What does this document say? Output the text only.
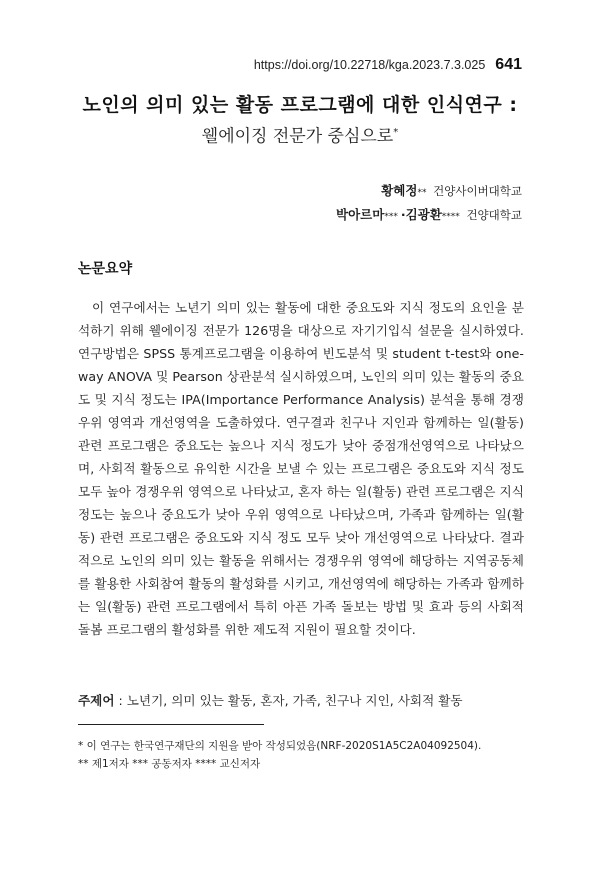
https://doi.org/10.22718/kga.2023.7.3.025 641
노인의 의미 있는 활동 프로그램에 대한 인식연구 :
웰에이징 전문가 중심으로*
황혜정** 건양사이버대학교
박아르마*** ·김광환**** 건양대학교
논문요약
이 연구에서는 노년기 의미 있는 활동에 대한 중요도와 지식 정도의 요인을 분석하기 위해 웰에이징 전문가 126명을 대상으로 자기기입식 설문을 실시하였다. 연구방법은 SPSS 통계프로그램을 이용하여 빈도분석 및 student t-test와 one-way ANOVA 및 Pearson 상관분석 실시하였으며, 노인의 의미 있는 활동의 중요도 및 지식 정도는 IPA(Importance Performance Analysis) 분석을 통해 경쟁우위 영역과 개선영역을 도출하였다. 연구결과 친구나 지인과 함께하는 일(활동) 관련 프로그램은 중요도는 높으나 지식 정도가 낮아 중점개선영역으로 나타났으며, 사회적 활동으로 유익한 시간을 보낼 수 있는 프로그램은 중요도와 지식 정도 모두 높아 경쟁우위 영역으로 나타났고, 혼자 하는 일(활동) 관련 프로그램은 지식 정도는 높으나 중요도가 낮아 우위 영역으로 나타났으며, 가족과 함께하는 일(활동) 관련 프로그램은 중요도와 지식 정도 모두 낮아 개선영역으로 나타났다. 결과적으로 노인의 의미 있는 활동을 위해서는 경쟁우위 영역에 해당하는 지역공동체를 활용한 사회참여 활동의 활성화를 시키고, 개선영역에 해당하는 가족과 함께하는 일(활동) 관련 프로그램에서 특히 아픈 가족 돌보는 방법 및 효과 등의 사회적 돌봄 프로그램의 활성화를 위한 제도적 지원이 필요할 것이다.
주제어 : 노년기, 의미 있는 활동, 혼자, 가족, 친구나 지인, 사회적 활동
* 이 연구는 한국연구재단의 지원을 받아 작성되었음(NRF-2020S1A5C2A04092504).
** 제1저자 *** 공동저자 **** 교신저자
